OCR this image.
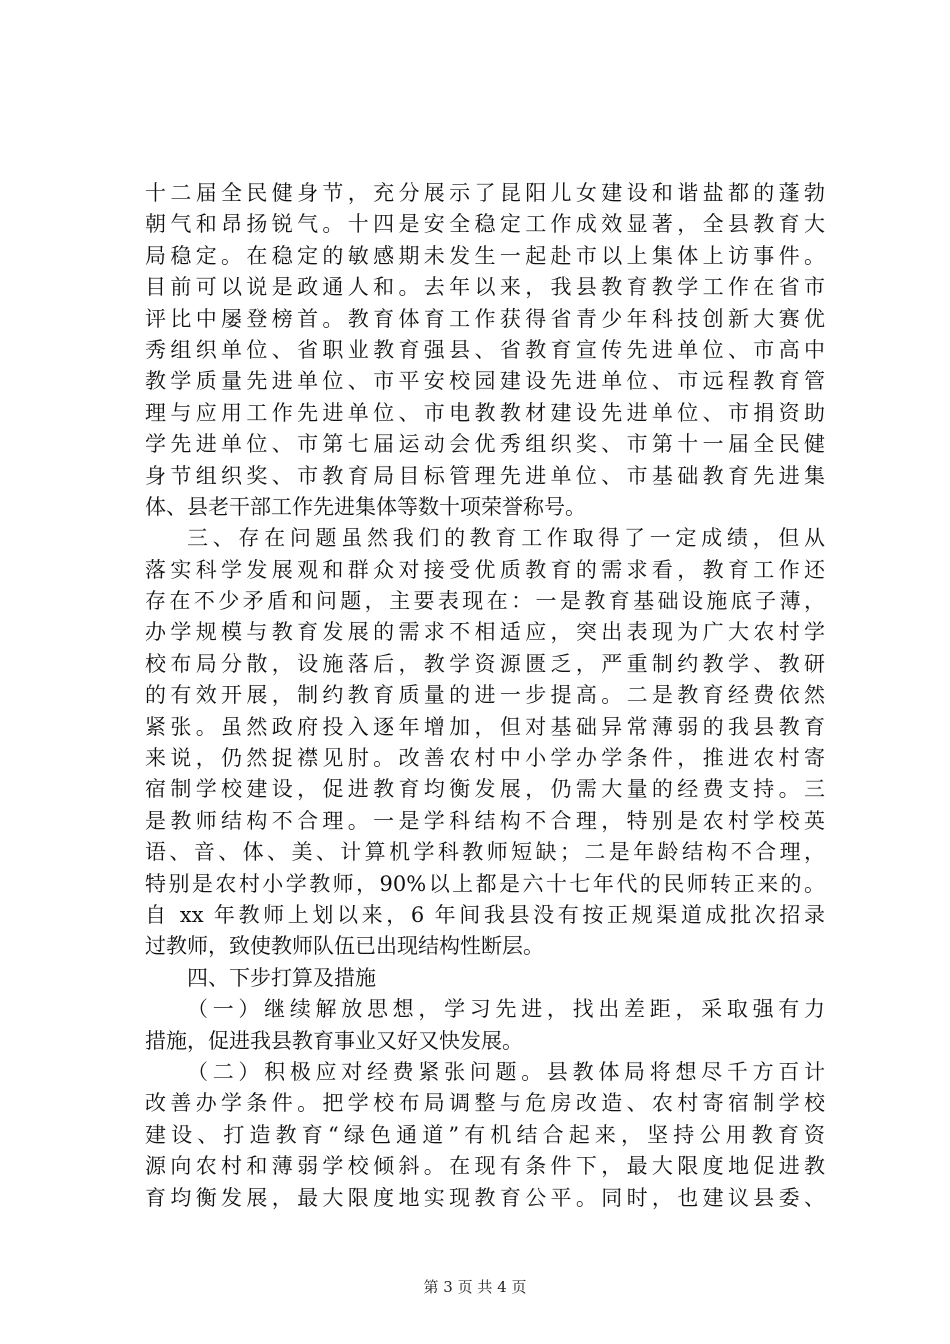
十二届全民健身节，充分展示了昆阳儿女建设和谐盐都的蓬勃
朝气和昂扬锐气。十四是安全稳定工作成效显著，全县教育大
局稳定。在稳定的敏感期未发生一起赴市以上集体上访事件。
目前可以说是政通人和。去年以来，我县教育教学工作在省市
评比中屡登榜首。教育体育工作获得省青少年科技创新大赛优
秀组织单位、省职业教育强县、省教育宣传先进单位、市高中
教学质量先进单位、市平安校园建设先进单位、市远程教育管
理与应用工作先进单位、市电教教材建设先进单位、市捐资助
学先进单位、市第七届运动会优秀组织奖、市第十一届全民健
身节组织奖、市教育局目标管理先进单位、市基础教育先进集
体、县老干部工作先进集体等数十项荣誉称号。
三、存在问题虽然我们的教育工作取得了一定成绩，但从
落实科学发展观和群众对接受优质教育的需求看，教育工作还
存在不少矛盾和问题，主要表现在：一是教育基础设施底子薄，
办学规模与教育发展的需求不相适应，突出表现为广大农村学
校布局分散，设施落后，教学资源匮乏，严重制约教学、教研
的有效开展，制约教育质量的进一步提高。二是教育经费依然
紧张。虽然政府投入逐年增加，但对基础异常薄弱的我县教育
来说，仍然捉襟见肘。改善农村中小学办学条件，推进农村寄
宿制学校建设，促进教育均衡发展，仍需大量的经费支持。三
是教师结构不合理。一是学科结构不合理，特别是农村学校英
语、音、体、美、计算机学科教师短缺；二是年龄结构不合理，
特别是农村小学教师，90%以上都是六十七年代的民师转正来的。
自 xx 年教师上划以来，6 年间我县没有按正规渠道成批次招录
过教师，致使教师队伍已出现结构性断层。
四、下步打算及措施
（一）继续解放思想，学习先进，找出差距，采取强有力
措施，促进我县教育事业又好又快发展。
（二）积极应对经费紧张问题。县教体局将想尽千方百计
改善办学条件。把学校布局调整与危房改造、农村寄宿制学校
建设、打造教育“绿色通道”有机结合起来，坚持公用教育资
源向农村和薄弱学校倾斜。在现有条件下，最大限度地促进教
育均衡发展，最大限度地实现教育公平。同时，也建议县委、
第 3 页 共 4 页
